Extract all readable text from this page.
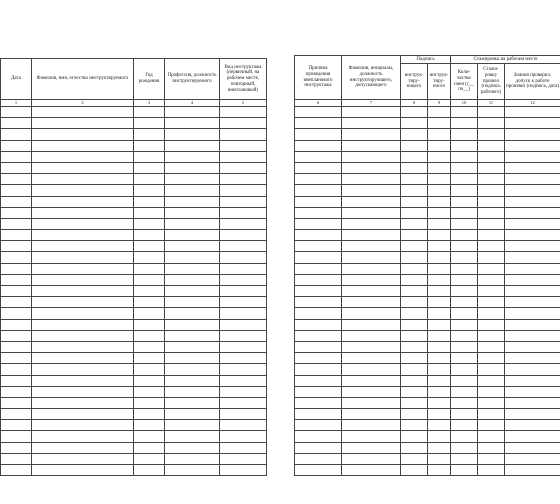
Дата	Фамилия, имя, отчество инструктируемого	Год рождения	Профессия, должность инструктируемого	Вид инструктажа (первичный, на рабочем месте, повторный, внеплановый)
1	2	3	4	5

Причина проведения внепланового инструктажа	Фамилия, инициалы, должность инструктирующего, допускающего	Подпись		Стажировка на рабочем месте		
		инструк-тиру-ющего	инструк-тиру-емого	Коли-чество смен (с__ по__)	Стажи-ровку прошел (подпись рабочего)	Знания проверил, допуск к работе произвел (подпись, дата)
6	7	8	9	10	11	12
